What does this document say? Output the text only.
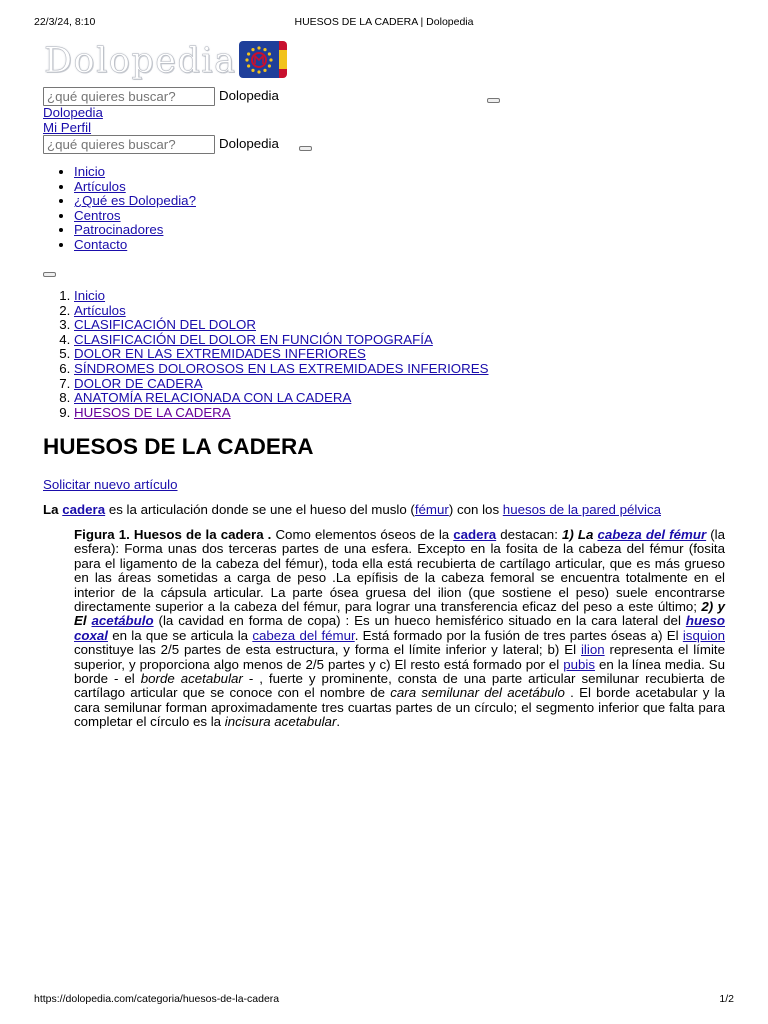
22/3/24, 8:10	HUESOS DE LA CADERA | Dolopedia
Dolopedia
¿qué quieres buscar?
Dolopedia
Dolopedia
Mi Perfil
¿qué quieres buscar?
Dolopedia
• Inicio
• Artículos
• ¿Qué es Dolopedia?
• Centros
• Patrocinadores
• Contacto
1. Inicio
2. Artículos
3. CLASIFICACIÓN DEL DOLOR
4. CLASIFICACIÓN DEL DOLOR EN FUNCIÓN TOPOGRAFÍA
5. DOLOR EN LAS EXTREMIDADES INFERIORES
6. SÍNDROMES DOLOROSOS EN LAS EXTREMIDADES INFERIORES
7. DOLOR DE CADERA
8. ANATOMÍA RELACIONADA CON LA CADERA
9. HUESOS DE LA CADERA
HUESOS DE LA CADERA
Solicitar nuevo artículo
La cadera es la articulación donde se une el hueso del muslo (fémur) con los huesos de la pared pélvica
Figura 1. Huesos de la cadera . Como elementos óseos de la cadera destacan: 1) La cabeza del fémur (la esfera): Forma unas dos terceras partes de una esfera. Excepto en la fosita de la cabeza del fémur (fosita para el ligamento de la cabeza del fémur), toda ella está recubierta de cartílago articular, que es más grueso en las áreas sometidas a carga de peso .La epífisis de la cabeza femoral se encuentra totalmente en el interior de la cápsula articular. La parte ósea gruesa del ilion (que sostiene el peso) suele encontrarse directamente superior a la cabeza del fémur, para lograr una transferencia eficaz del peso a este último; 2) y El acetábulo (la cavidad en forma de copa) : Es un hueco hemisférico situado en la cara lateral del hueso coxal en la que se articula la cabeza del fémur. Está formado por la fusión de tres partes óseas a) El isquion constituye las 2/5 partes de esta estructura, y forma el límite inferior y lateral; b) El ilion representa el límite superior, y proporciona algo menos de 2/5 partes y c) El resto está formado por el pubis en la línea media. Su borde - el borde acetabular - , fuerte y prominente, consta de una parte articular semilunar recubierta de cartílago articular que se conoce con el nombre de cara semilunar del acetábulo . El borde acetabular y la cara semilunar forman aproximadamente tres cuartas partes de un círculo; el segmento inferior que falta para completar el círculo es la incisura acetabular.
https://dolopedia.com/categoria/huesos-de-la-cadera	1/2
